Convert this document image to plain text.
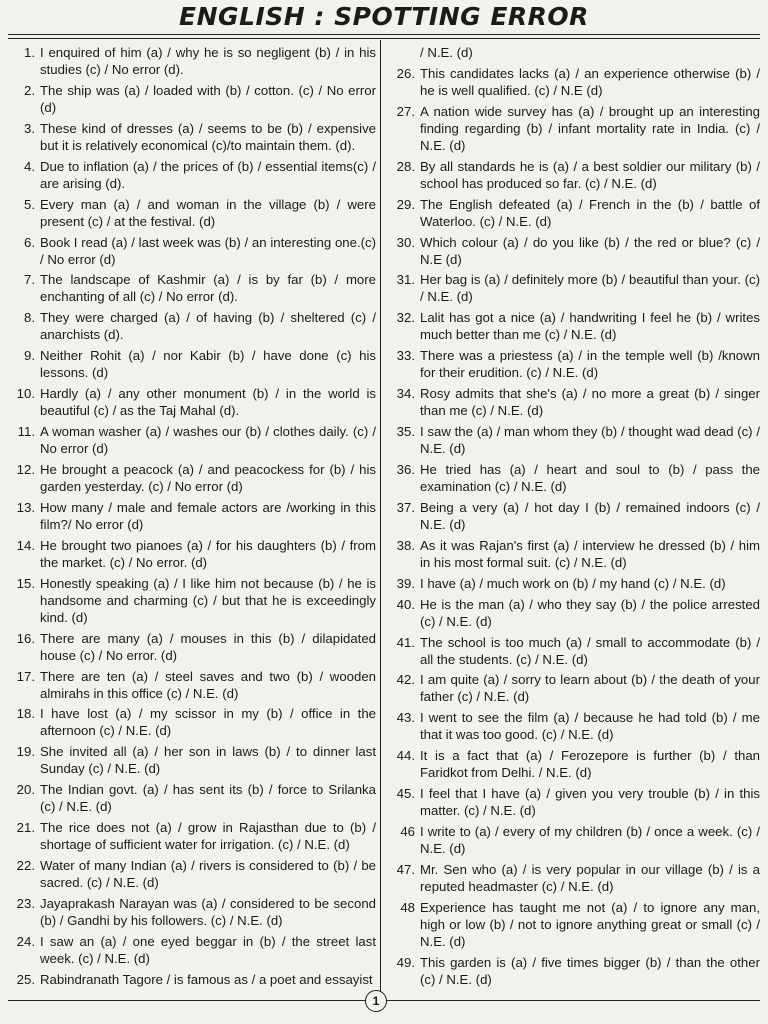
ENGLISH : SPOTTING ERROR
1. I enquired of him (a) / why he is so negligent (b) / in his studies (c) / No error (d).
2. The ship was (a) / loaded with (b) / cotton. (c) / No error (d)
3. These kind of dresses (a) / seems to be (b) / expensive but it is relatively economical (c)/to maintain them. (d).
4. Due to inflation (a) / the prices of (b) / essential items(c) / are arising (d).
5. Every man (a) / and woman in the village (b) / were present (c) / at the festival. (d)
6. Book I read (a) / last week was (b) / an interesting one.(c) / No error (d)
7. The landscape of Kashmir (a) / is by far (b) / more enchanting of all (c) / No error (d).
8. They were charged (a) / of having (b) / sheltered (c) / anarchists (d).
9. Neither Rohit (a) / nor Kabir (b) / have done (c) his lessons. (d)
10. Hardly (a) / any other monument (b) / in the world is beautiful (c) / as the Taj Mahal (d).
11. A woman washer (a) / washes our (b) / clothes daily. (c) / No error (d)
12. He brought a peacock (a) / and peacockess for (b) / his garden yesterday. (c) / No error (d)
13. How many / male and female actors are /working in this film?/ No error (d)
14. He brought two pianoes (a) / for his daughters (b) / from the market. (c) / No error. (d)
15. Honestly speaking (a) / I like him not because (b) / he is handsome and charming (c) / but that he is exceedingly kind. (d)
16. There are many (a) / mouses in this (b) / dilapidated house (c) / No error. (d)
17. There are ten (a) / steel saves and two (b) / wooden almirahs in this office (c) / N.E. (d)
18. I have lost (a) / my scissor in my (b) / office in the afternoon (c) / N.E. (d)
19. She invited all (a) / her son in laws (b) / to dinner last Sunday (c) / N.E. (d)
20. The Indian govt. (a) / has sent its (b) / force to Srilanka (c) / N.E. (d)
21. The rice does not (a) / grow in Rajasthan due to (b) / shortage of sufficient water for irrigation. (c) / N.E. (d)
22. Water of many Indian (a) / rivers is considered to (b) / be sacred. (c) / N.E. (d)
23. Jayaprakash Narayan was (a) / considered to be second (b) / Gandhi by his followers. (c) / N.E. (d)
24. I saw an (a) / one eyed beggar in (b) / the street last week. (c) / N.E. (d)
25. Rabindranath Tagore / is famous as / a poet and essayist
/ N.E. (d)
26. This candidates lacks (a) / an experience otherwise (b) / he is well qualified. (c) / N.E (d)
27. A nation wide survey has (a) / brought up an interesting finding regarding (b) / infant mortality rate in India. (c) / N.E. (d)
28. By all standards he is (a) / a best soldier our military (b) / school has produced so far. (c) / N.E. (d)
29. The English defeated (a) / French in the (b) / battle of Waterloo. (c) / N.E. (d)
30. Which colour (a) / do you like (b) / the red or blue? (c) / N.E (d)
31. Her bag is (a) / definitely more (b) / beautiful than your. (c) / N.E. (d)
32. Lalit has got a nice (a) / handwriting I feel he (b) / writes much better than me (c) / N.E. (d)
33. There was a priestess (a) / in the temple well (b) /known for their erudition. (c) / N.E. (d)
34. Rosy admits that she's (a) / no more a great (b) / singer than me (c) / N.E. (d)
35. I saw the (a) / man whom they (b) / thought wad dead (c) / N.E. (d)
36. He tried has (a) / heart and soul to (b) / pass the examination (c) / N.E. (d)
37. Being a very (a) / hot day I (b) / remained indoors (c) / N.E. (d)
38. As it was Rajan's first (a) / interview he dressed (b) / him in his most formal suit. (c) / N.E. (d)
39. I have (a) / much work on (b) / my hand (c) / N.E. (d)
40. He is the man (a) / who they say (b) / the police arrested (c) / N.E. (d)
41. The school is too much (a) / small to accommodate (b) / all the students. (c) / N.E. (d)
42. I am quite (a) / sorry to learn about (b) / the death of your father (c) / N.E. (d)
43. I went to see the film (a) / because he had told (b) / me that it was too good. (c) / N.E. (d)
44. It is a fact that (a) / Ferozepore is further (b) / than Faridkot from Delhi. / N.E. (d)
45. I feel that I have (a) / given you very trouble (b) / in this matter. (c) / N.E. (d)
46 I write to (a) / every of my children (b) / once a week. (c) / N.E. (d)
47. Mr. Sen who (a) / is very popular in our village (b) / is a reputed headmaster (c) / N.E. (d)
48 Experience has taught me not (a) / to ignore any man, high or low (b) / not to ignore anything great or small (c) / N.E. (d)
49. This garden is (a) / five times bigger (b) / than the other (c) / N.E. (d)
1
